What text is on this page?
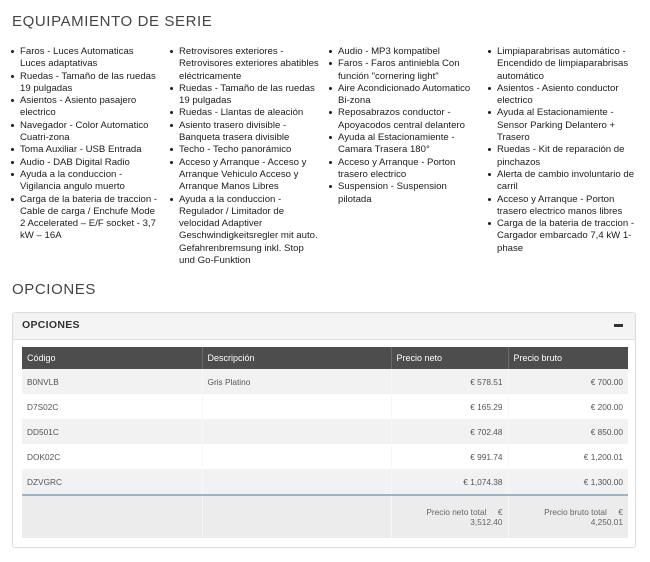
EQUIPAMIENTO DE SERIE
Faros - Luces Automaticas Luces adaptativas
Ruedas - Tamaño de las ruedas 19 pulgadas
Asientos - Asiento pasajero electrico
Navegador - Color Automatico Cuatri-zona
Toma Auxiliar - USB Entrada
Audio - DAB Digital Radio
Ayuda a la conduccion - Vigilancia angulo muerto
Carga de la bateria de traccion - Cable de carga / Enchufe Mode 2 Accelerated – E/F socket - 3,7 kW – 16A
Retrovisores exteriores - Retrovisores exteriores abatibles eléctricamente
Ruedas - Tamaño de las ruedas 19 pulgadas
Ruedas - Llantas de aleación
Asiento trasero divisible - Banqueta trasera divisible
Techo - Techo panorámico
Acceso y Arranque - Acceso y Arranque Vehiculo Acceso y Arranque Manos Libres
Ayuda a la conduccion - Regulador / Limitador de velocidad Adaptiver Geschwindigkeitsregler mit auto. Gefahrenbremsung inkl. Stop und Go-Funktion
Audio - MP3 kompatibel
Faros - Faros antiniebla Con función "cornering light"
Aire Acondicionado Automatico Bi-zona
Reposabrazos conductor - Apoyacodos central delantero
Ayuda al Estacionamiente - Camara Trasera 180°
Acceso y Arranque - Porton trasero electrico
Suspension - Suspension pilotada
Limpiaparabrisas automático - Encendido de limpiaparabrisas automático
Asientos - Asiento conductor electrico
Ayuda al Estacionamiente - Sensor Parking Delantero + Trasero
Ruedas - Kit de reparación de pinchazos
Alerta de cambio involuntario de carril
Acceso y Arranque - Porton trasero electrico manos libres
Carga de la bateria de traccion - Cargador embarcado 7,4 kW 1-phase
OPCIONES
OPCIONES
Código	Descripción	Precio neto	Precio bruto
B0NVLB	Gris Platino	€ 578.51	€ 700.00
D7S02C		€ 165.29	€ 200.00
DD501C		€ 702.48	€ 850.00
DOK02C		€ 991.74	€ 1,200.01
DZVGRC		€ 1,074.38	€ 1,300.00
		Precio neto total € 3,512.40	Precio bruto total € 4,250.01
